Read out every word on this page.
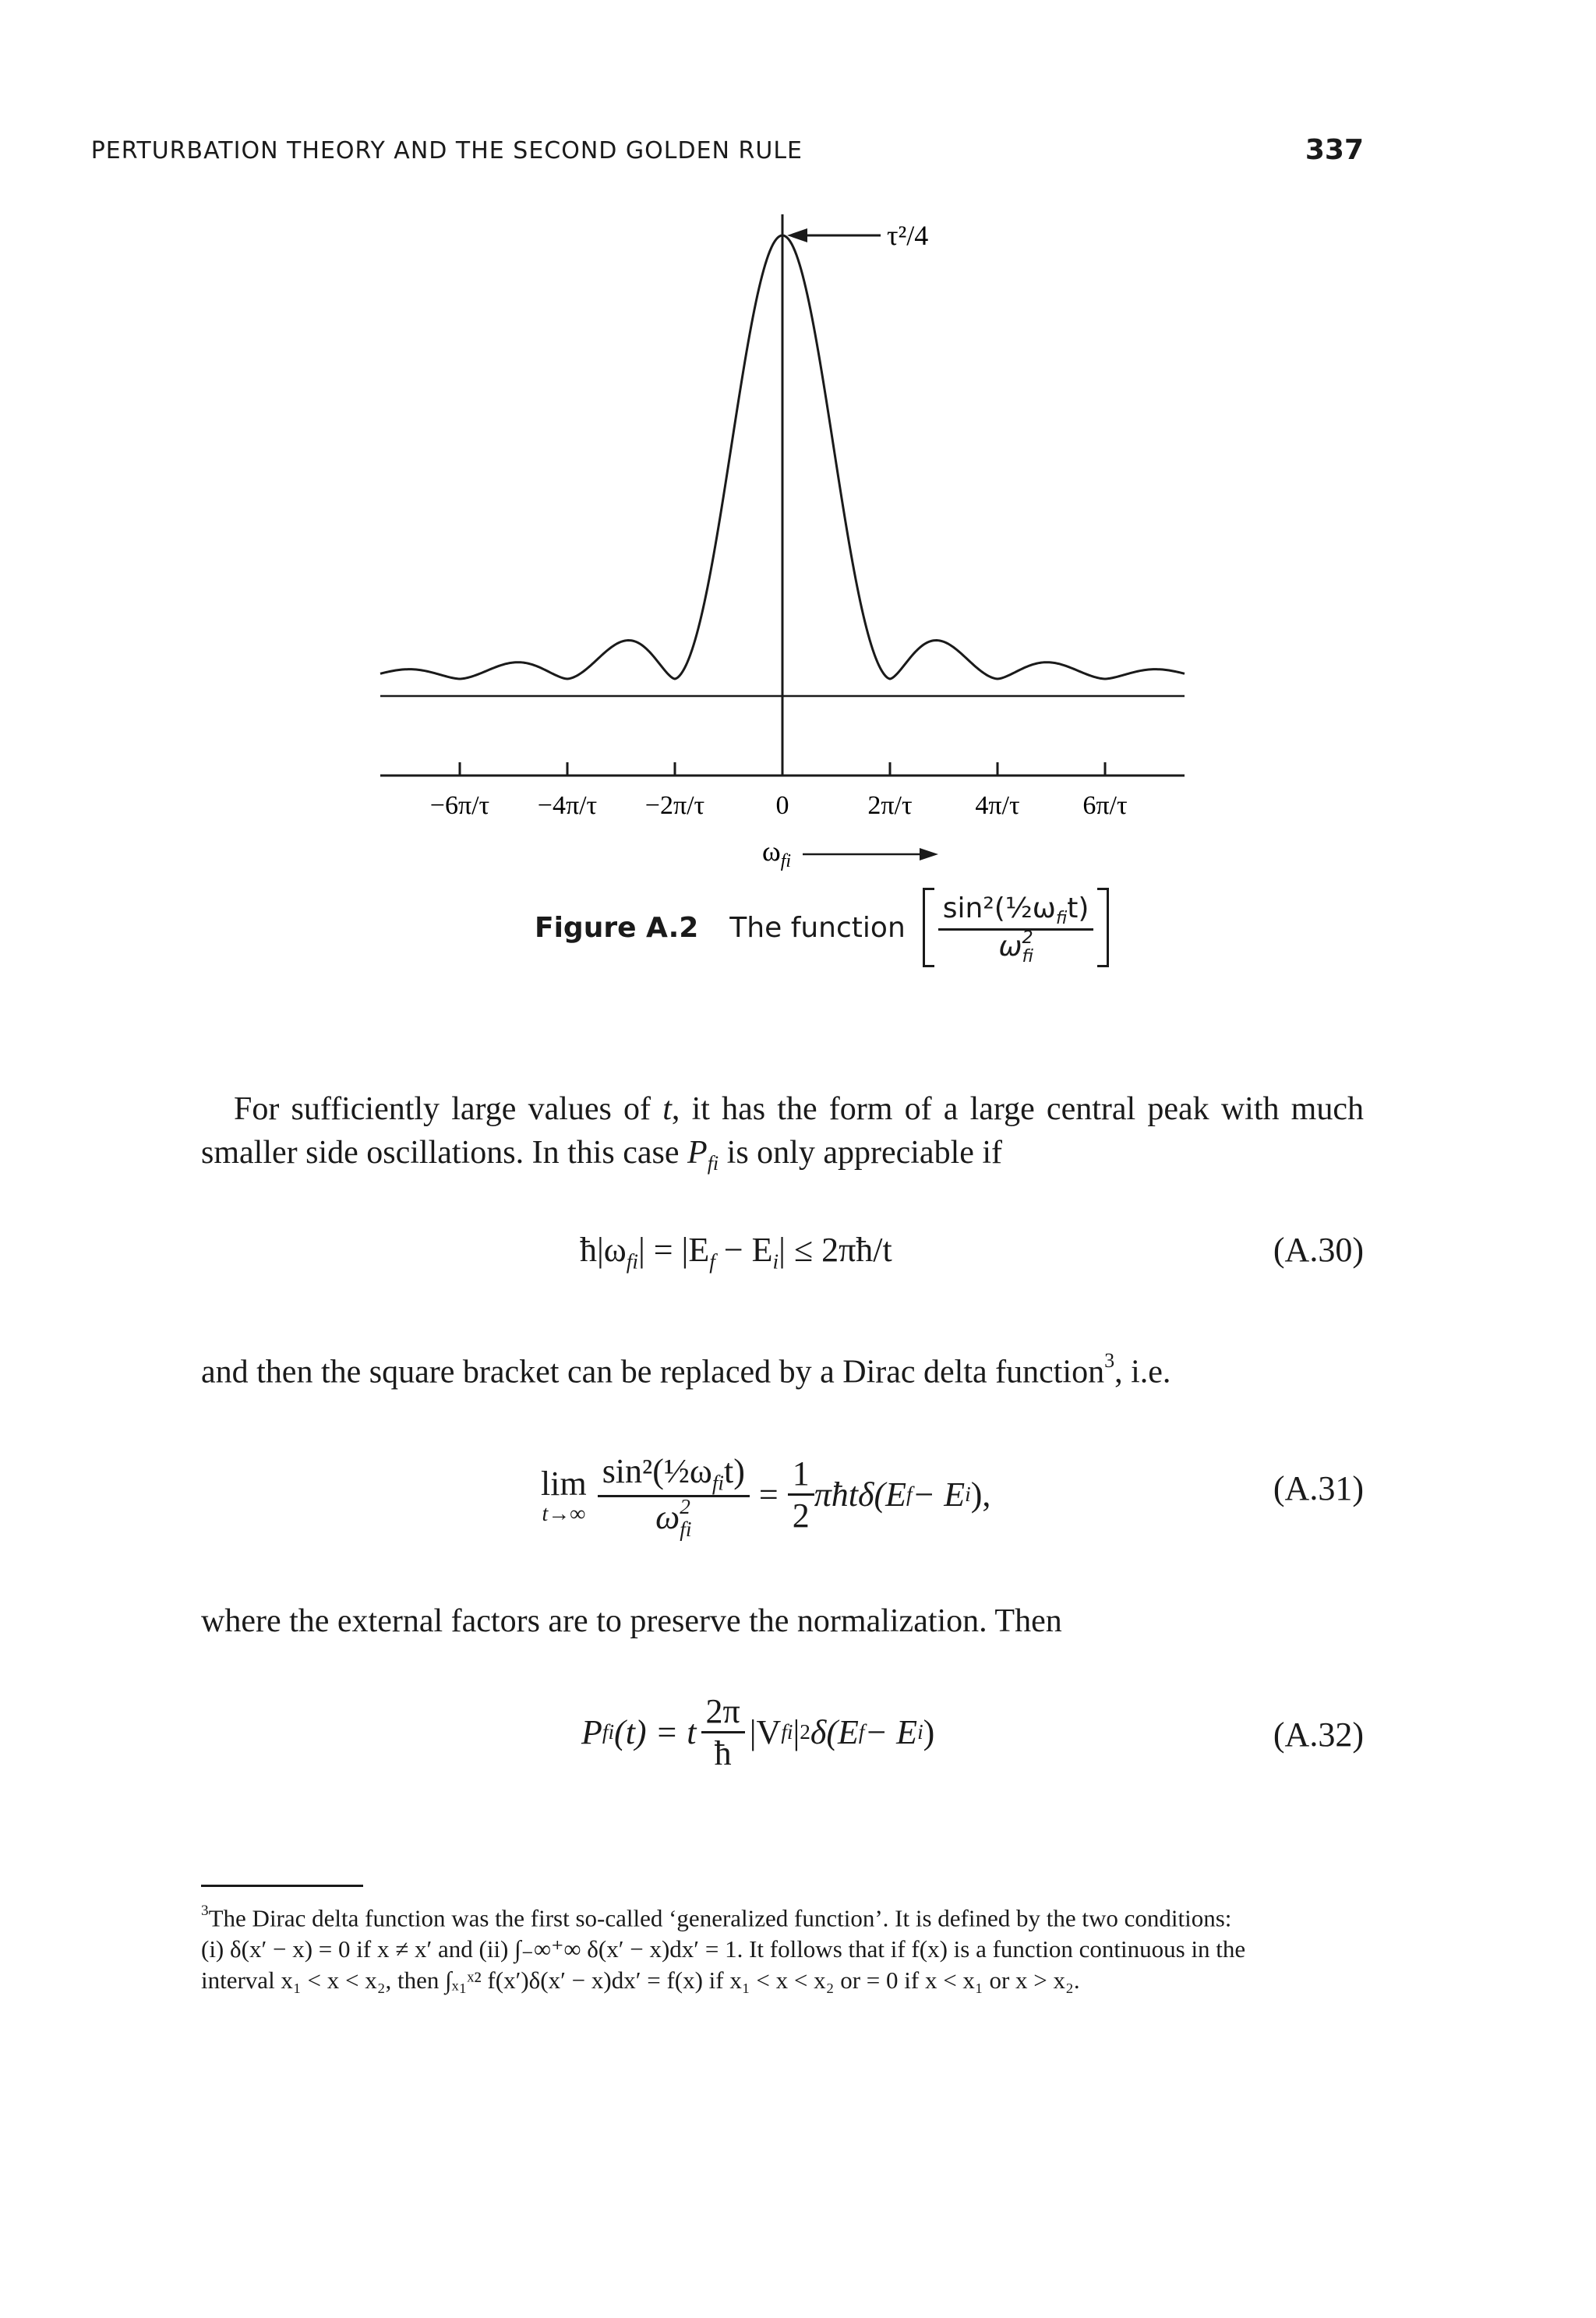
PERTURBATION THEORY AND THE SECOND GOLDEN RULE	337
τ²/4
−6π/τ −4π/τ −2π/τ	0	2π/τ 4π/τ 6π/τ
$\omega_{fi}$
Figure A.2 The function $\sin^2(\frac{1}{2}\omega_{fi}t)$
ω 2
fi
For sufficiently large values of t, it has the form of a large central peak with much smaller side oscillations. In this case $P_{fi}$ is only appreciable if
$ħ|\omega_{fi}| = |E_f - E_i|$ ≤ 2πħ/t	(A.30)
and then the square bracket can be replaced by a Dirac delta function$^3$, i.e.
lim
t→∞ $\sin^2(\frac{1}{2}\omega_{fi}t)$
ω 2
fi = $\frac{1}{2}$ πħtδ(E f − E i ),	(A.31)
where the external factors are to preserve the normalization. Then
P fi (t) = t $\frac{2\pi}{ħ} |V$ fi | 2 δ(E f − E i )	(A.32)
$^3$The Dirac delta function was the first so-called ‘generalized function’. It is defined by the two conditions:
(i) δ(x′ − x) = 0 if x ≠ x′ and (ii) ∫₋∞⁺∞ δ(x′ − x)dx′ = 1. It follows that if f(x) is a function continuous in the
interval x₁ < x < x₂, then ∫ₓ₁ˣ² f(x′)δ(x′ − x)dx′ = f(x) if x₁ < x < x₂ or = 0 if x < x₁ or x > x₂.
